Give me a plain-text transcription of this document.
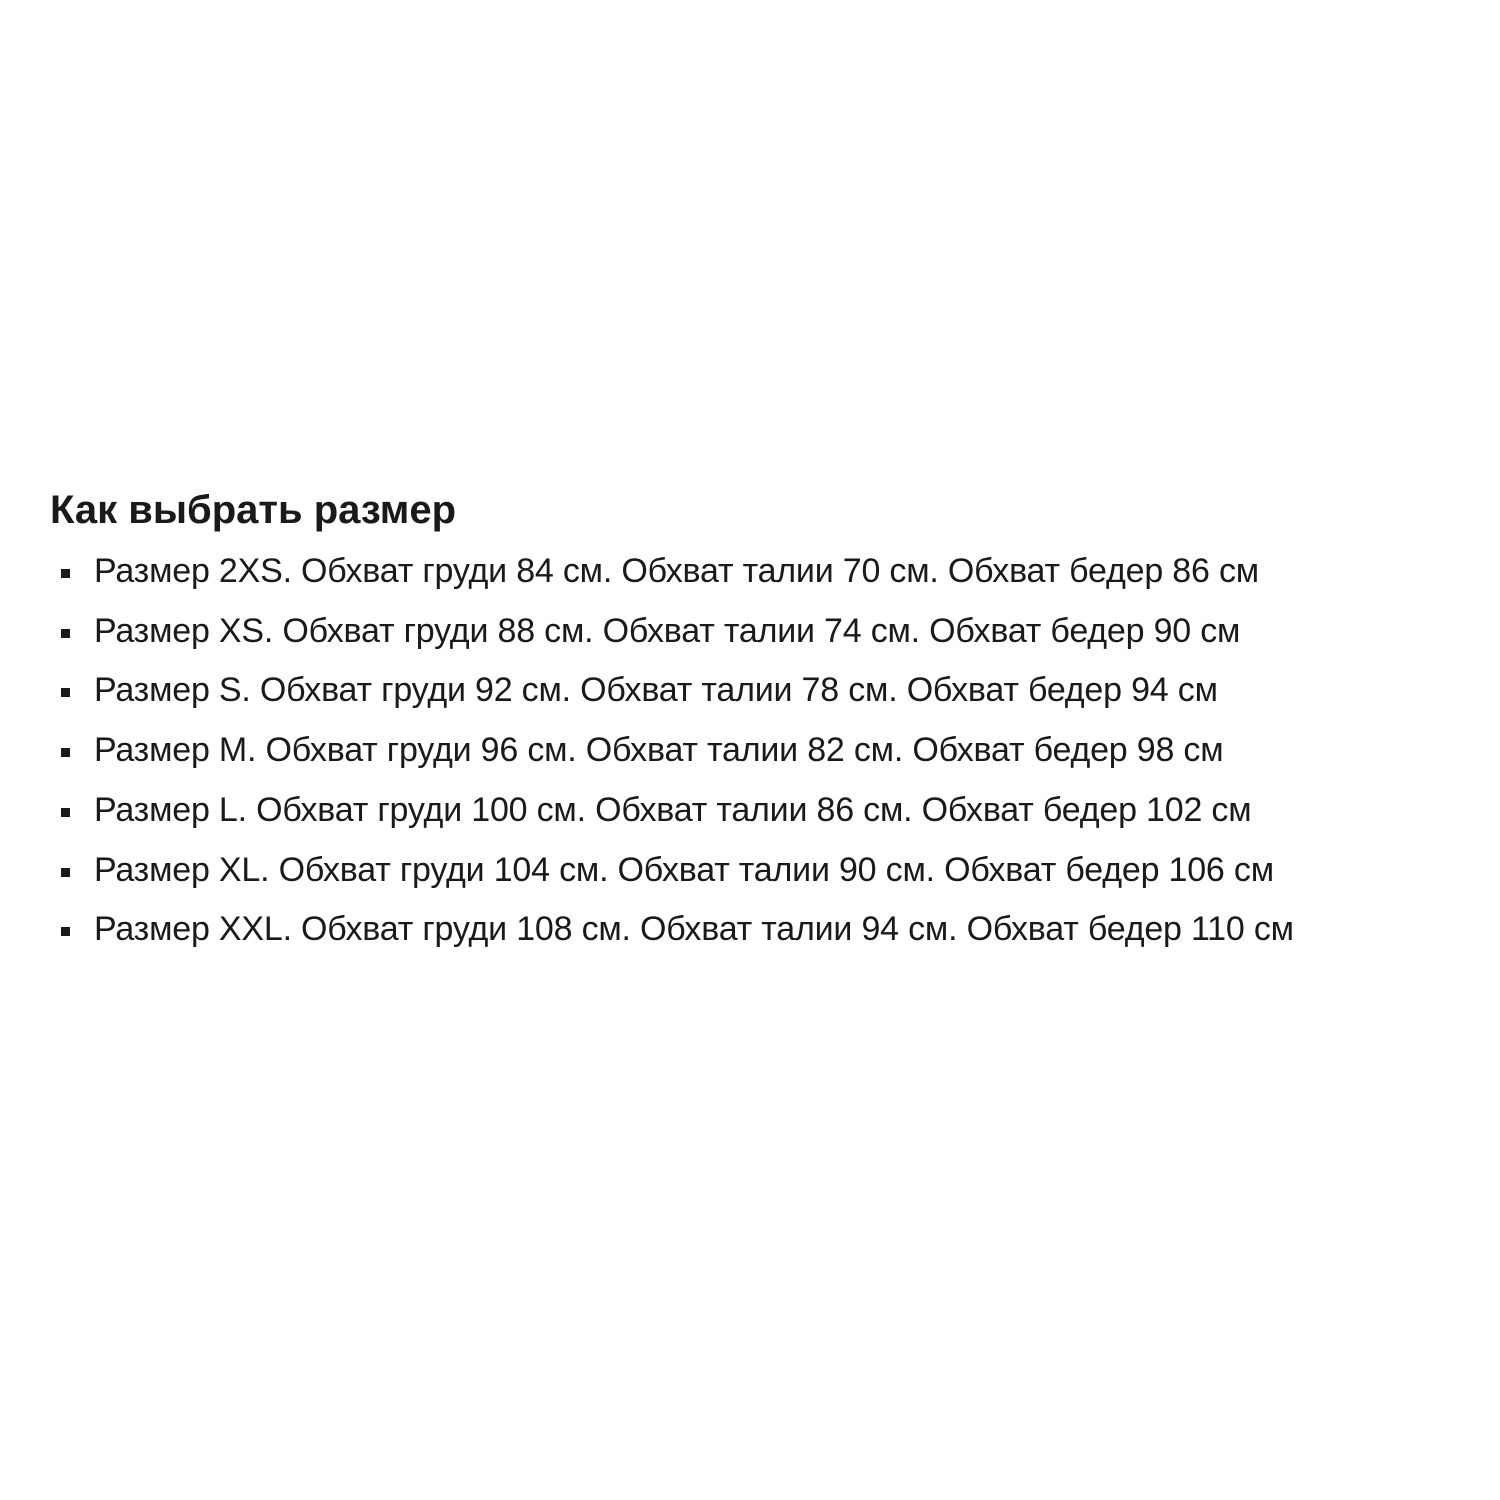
Как выбрать размер
Размер 2XS. Обхват груди 84 см. Обхват талии 70 см. Обхват бедер 86 см
Размер XS. Обхват груди 88 см. Обхват талии 74 см. Обхват бедер 90 см
Размер S. Обхват груди 92 см. Обхват талии 78 см. Обхват бедер 94 см
Размер M. Обхват груди 96 см. Обхват талии 82 см. Обхват бедер 98 см
Размер L. Обхват груди 100 см. Обхват талии 86 см. Обхват бедер 102 см
Размер XL. Обхват груди 104 см. Обхват талии 90 см. Обхват бедер 106 см
Размер XXL. Обхват груди 108 см. Обхват талии 94 см. Обхват бедер 110 см
